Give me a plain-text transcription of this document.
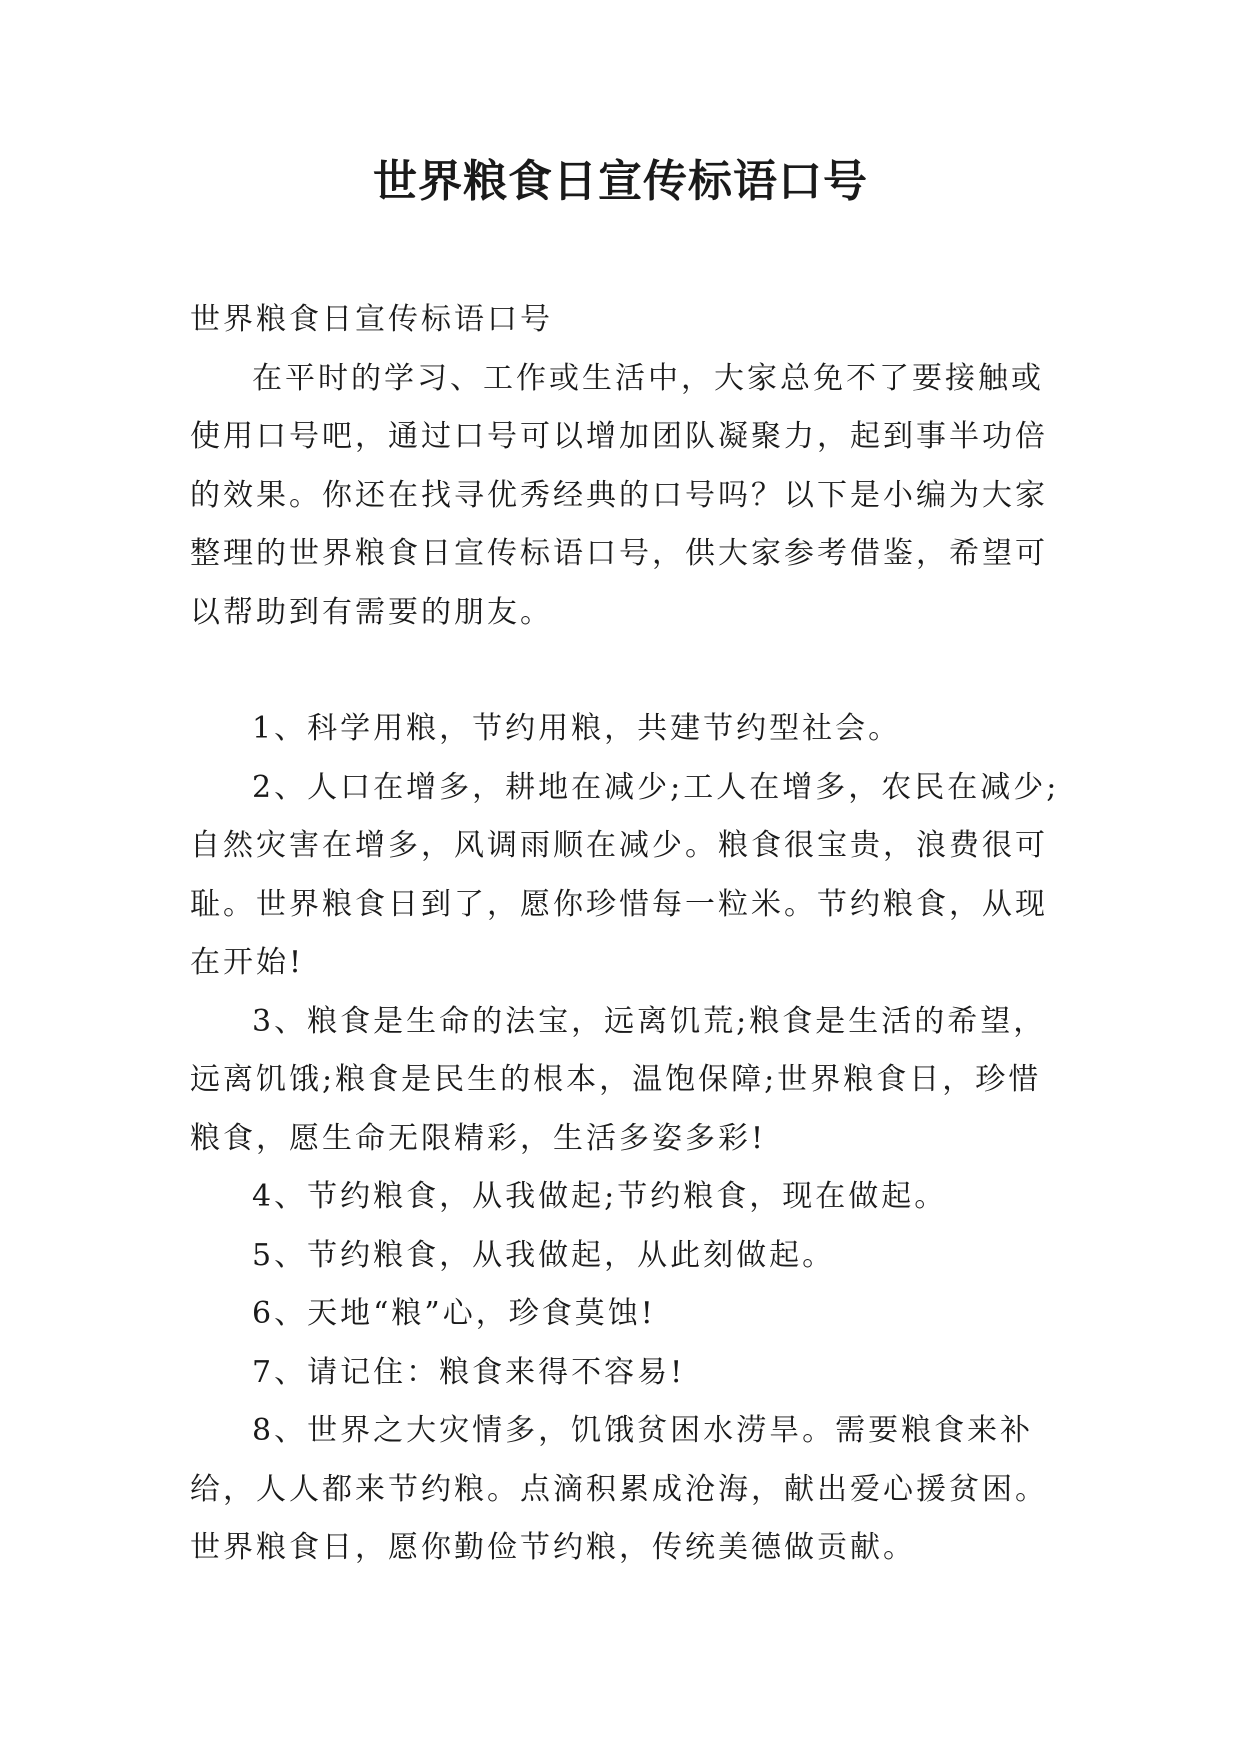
世界粮食日宣传标语口号

世界粮食日宣传标语口号

在平时的学习、工作或生活中，大家总免不了要接触或使用口号吧，通过口号可以增加团队凝聚力，起到事半功倍的效果。你还在找寻优秀经典的口号吗？以下是小编为大家整理的世界粮食日宣传标语口号，供大家参考借鉴，希望可以帮助到有需要的朋友。

1、科学用粮，节约用粮，共建节约型社会。

2、人口在增多，耕地在减少;工人在增多，农民在减少;自然灾害在增多，风调雨顺在减少。粮食很宝贵，浪费很可耻。世界粮食日到了，愿你珍惜每一粒米。节约粮食，从现在开始!

3、粮食是生命的法宝，远离饥荒;粮食是生活的希望，远离饥饿;粮食是民生的根本，温饱保障;世界粮食日，珍惜粮食，愿生命无限精彩，生活多姿多彩!

4、节约粮食，从我做起;节约粮食，现在做起。

5、节约粮食，从我做起，从此刻做起。

6、天地“粮”心，珍食莫蚀!

7、请记住：粮食来得不容易!

8、世界之大灾情多，饥饿贫困水涝旱。需要粮食来补给，人人都来节约粮。点滴积累成沧海，献出爱心援贫困。世界粮食日，愿你勤俭节约粮，传统美德做贡献。
